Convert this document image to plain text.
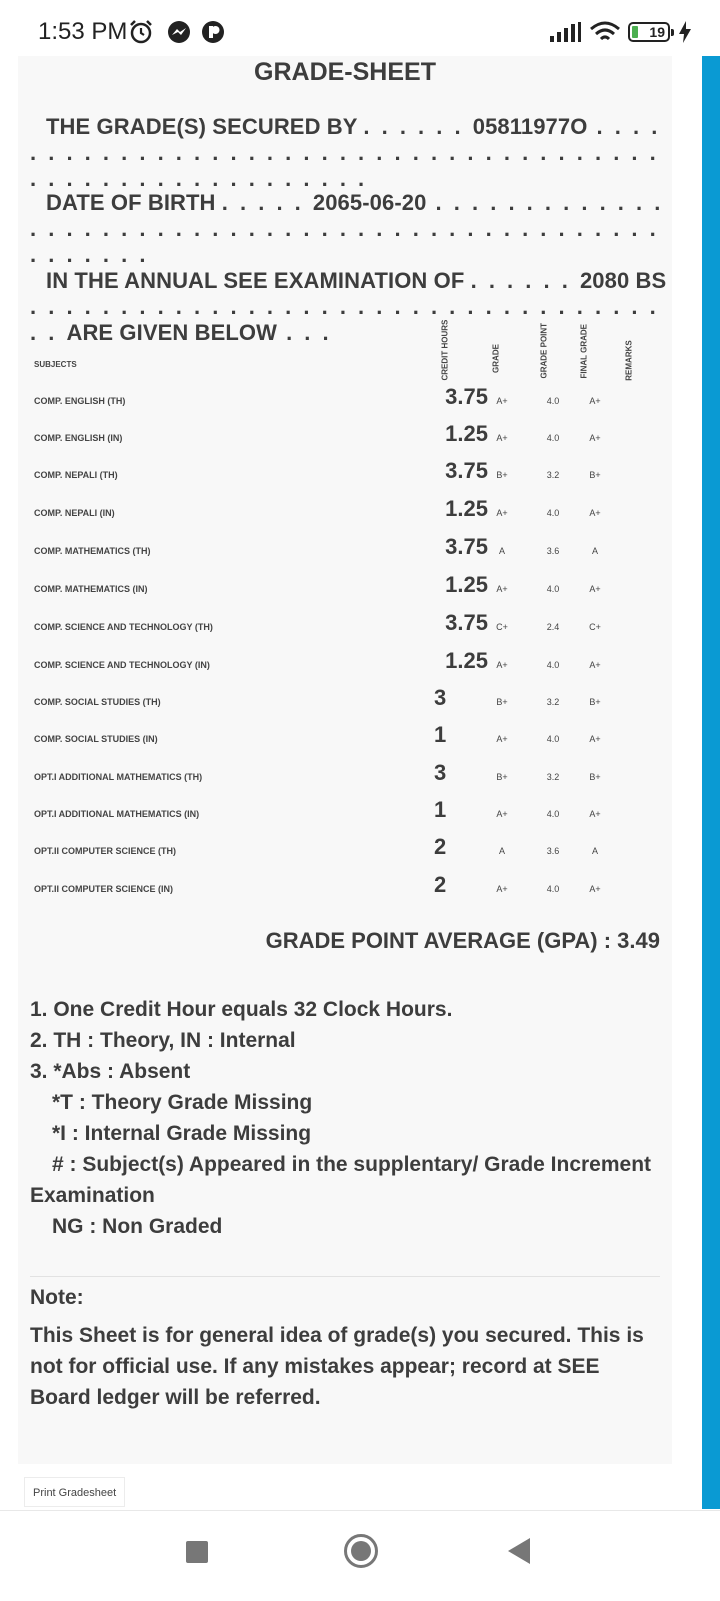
1:53 PM	19
GRADE-SHEET
THE GRADE(S) SECURED BY . . . . . . 05811977O . . . . . . . . . . . . . . . . . . . . . . . . . . . . . . . . . . . . . . . . . . . . . . . . . . . . . . . . . .
DATE OF BIRTH . . . . . 2065-06-20 . . . . . . . . . . . . . . . . . . . . . . . . . . . . . . . . . . . . . . . . . . . . . . . . . . . . . . .
IN THE ANNUAL SEE EXAMINATION OF . . . . . . 2080 BS . . . . . . . . . . . . . . . . . . . . . . . . . . . . . . . . . . . . . ARE GIVEN BELOW . . .
SUBJECTS	CREDIT HOURS	GRADE	GRADE POINT	FINAL GRADE	REMARKS
COMP. ENGLISH (TH)	3.75 A+	4.0	A+
COMP. ENGLISH (IN)	1.25 A+	4.0	A+
COMP. NEPALI (TH)	3.75 B+	3.2	B+
COMP. NEPALI (IN)	1.25 A+	4.0	A+
COMP. MATHEMATICS (TH)	3.75	A	3.6	A
COMP. MATHEMATICS (IN)	1.25 A+	4.0	A+
COMP. SCIENCE AND TECHNOLOGY (TH)	3.75 C+	2.4	C+
COMP. SCIENCE AND TECHNOLOGY (IN)	1.25 A+	4.0	A+
COMP. SOCIAL STUDIES (TH)	3	B+	3.2	B+
COMP. SOCIAL STUDIES (IN)	1	A+	4.0	A+
OPT.I ADDITIONAL MATHEMATICS (TH)	3	B+	3.2	B+
OPT.I ADDITIONAL MATHEMATICS (IN)	1	A+	4.0	A+
OPT.II COMPUTER SCIENCE (TH)	2	A	3.6	A
OPT.II COMPUTER SCIENCE (IN)	2	A+	4.0	A+
GRADE POINT AVERAGE (GPA) : 3.49
1. One Credit Hour equals 32 Clock Hours.
2. TH : Theory, IN : Internal
3. *Abs : Absent
*T : Theory Grade Missing
*I : Internal Grade Missing
# : Subject(s) Appeared in the supplentary/ Grade Increment Examination
NG : Non Graded
Note:
This Sheet is for general idea of grade(s) you secured. This is not for official use. If any mistakes appear; record at SEE Board ledger will be referred.
Print Gradesheet
